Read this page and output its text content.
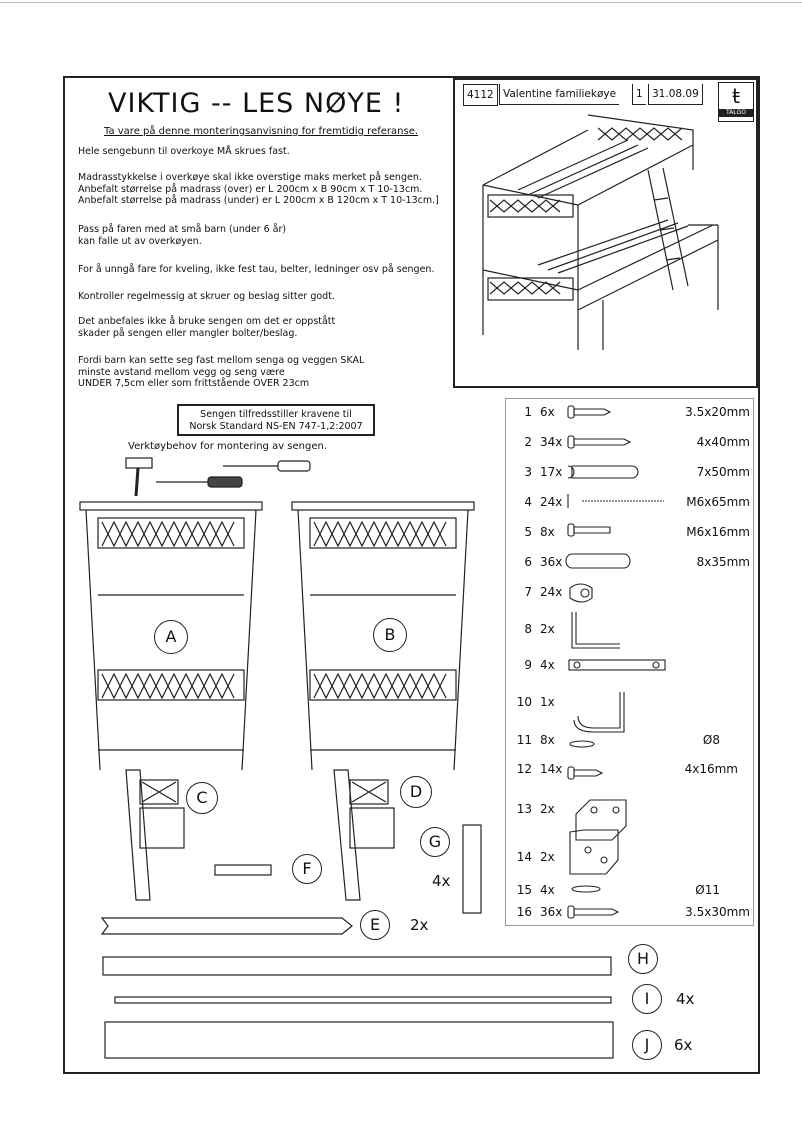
VIKTIG -- LES NØYE !
Ta vare på denne monteringsanvisning for fremtidig referanse.
Hele sengebunn til overkoye MÅ skrues fast.
Madrasstykkelse i overkøye skal ikke overstige maks merket på sengen.
Anbefalt størrelse på madrass (over) er L 200cm x B 90cm x T 10-13cm.
Anbefalt størrelse på madrass (under) er L 200cm x B 120cm x T 10-13cm.]
Pass på faren med at små barn (under 6 år)
kan falle ut av overkøyen.
For å unngå fare for kveling, ikke fest tau, belter, ledninger osv på sengen.
Kontroller regelmessig at skruer og beslag sitter godt.
Det anbefales ikke å bruke sengen om det er oppstått
skader på sengen eller mangler bolter/beslag.
Fordi barn kan sette seg fast mellom senga og veggen SKAL
minste avstand mellom vegg og seng være
UNDER 7,5cm eller som frittstående OVER 23cm
Sengen tilfredsstiller kravene til
Norsk Standard NS-EN 747-1,2:2007
Verktøybehov for montering av sengen.
4112 Valentine familiekøye	1 31.08.09	ŧ
TALGO
1 6x	3.5x20mm
2 34x	4x40mm
3 17x	7x50mm
4 24x	M6x65mm
5 8x	M6x16mm
6 36x	8x35mm
7 24x
8 2x
9 4x
10 1x
11 8x	Ø8
12 14x	4x16mm
13 2x
14 2x
15 4x	Ø11
16 36x	3.5x30mm
A	B
C	D
F
G
4x
E	2x
H
I	4x
J	6x
